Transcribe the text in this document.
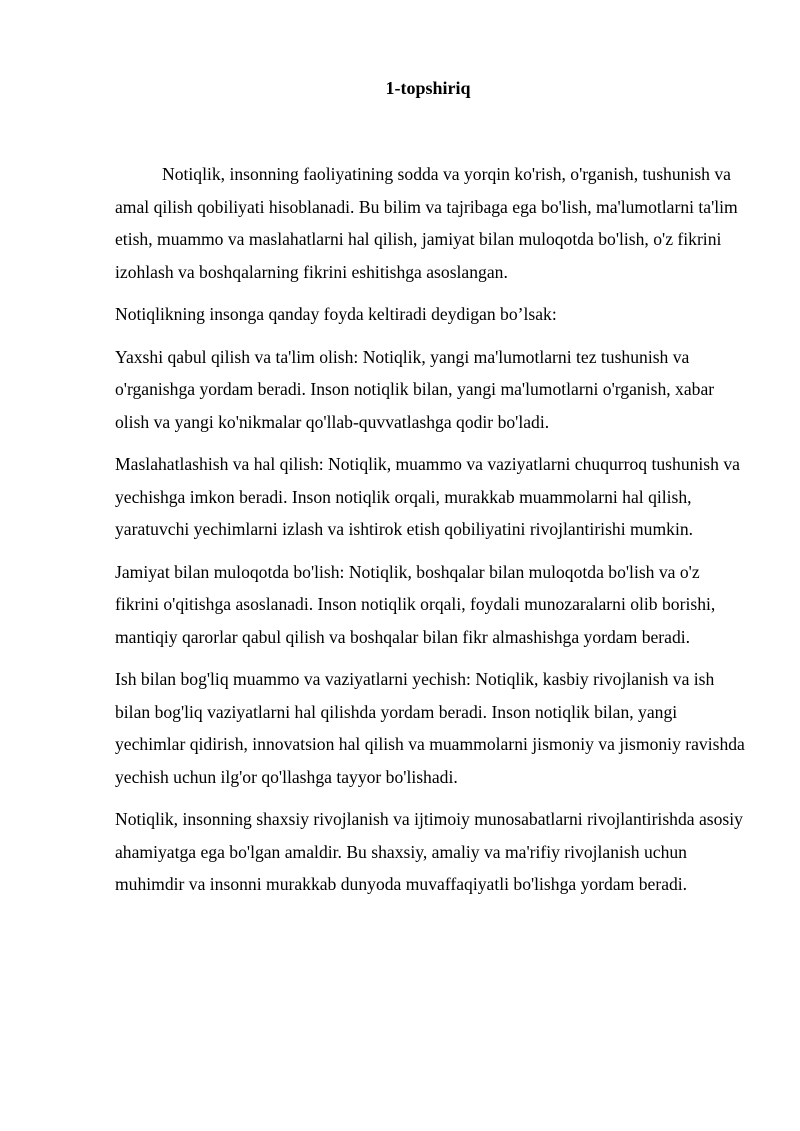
1-topshiriq

Notiqlik, insonning faoliyatining sodda va yorqin ko'rish, o'rganish, tushunish va amal qilish qobiliyati hisoblanadi. Bu bilim va tajribaga ega bo'lish, ma'lumotlarni ta'lim etish, muammo va maslahatlarni hal qilish, jamiyat bilan muloqotda bo'lish, o'z fikrini izohlash va boshqalarning fikrini eshitishga asoslangan.

Notiqlikning insonga qanday foyda keltiradi deydigan bo’lsak:

Yaxshi qabul qilish va ta'lim olish: Notiqlik, yangi ma'lumotlarni tez tushunish va o'rganishga yordam beradi. Inson notiqlik bilan, yangi ma'lumotlarni o'rganish, xabar olish va yangi ko'nikmalar qo'llab-quvvatlashga qodir bo'ladi.

Maslahatlashish va hal qilish: Notiqlik, muammo va vaziyatlarni chuqurroq tushunish va yechishga imkon beradi. Inson notiqlik orqali, murakkab muammolarni hal qilish, yaratuvchi yechimlarni izlash va ishtirok etish qobiliyatini rivojlantirishi mumkin.

Jamiyat bilan muloqotda bo'lish: Notiqlik, boshqalar bilan muloqotda bo'lish va o'z fikrini o'qitishga asoslanadi. Inson notiqlik orqali, foydali munozaralarni olib borishi, mantiqiy qarorlar qabul qilish va boshqalar bilan fikr almashishga yordam beradi.

Ish bilan bog'liq muammo va vaziyatlarni yechish: Notiqlik, kasbiy rivojlanish va ish bilan bog'liq vaziyatlarni hal qilishda yordam beradi. Inson notiqlik bilan, yangi yechimlar qidirish, innovatsion hal qilish va muammolarni jismoniy va jismoniy ravishda yechish uchun ilg'or qo'llashga tayyor bo'lishadi.

Notiqlik, insonning shaxsiy rivojlanish va ijtimoiy munosabatlarni rivojlantirishda asosiy ahamiyatga ega bo'lgan amaldir. Bu shaxsiy, amaliy va ma'rifiy rivojlanish uchun muhimdir va insonni murakkab dunyoda muvaffaqiyatli bo'lishga yordam beradi.
